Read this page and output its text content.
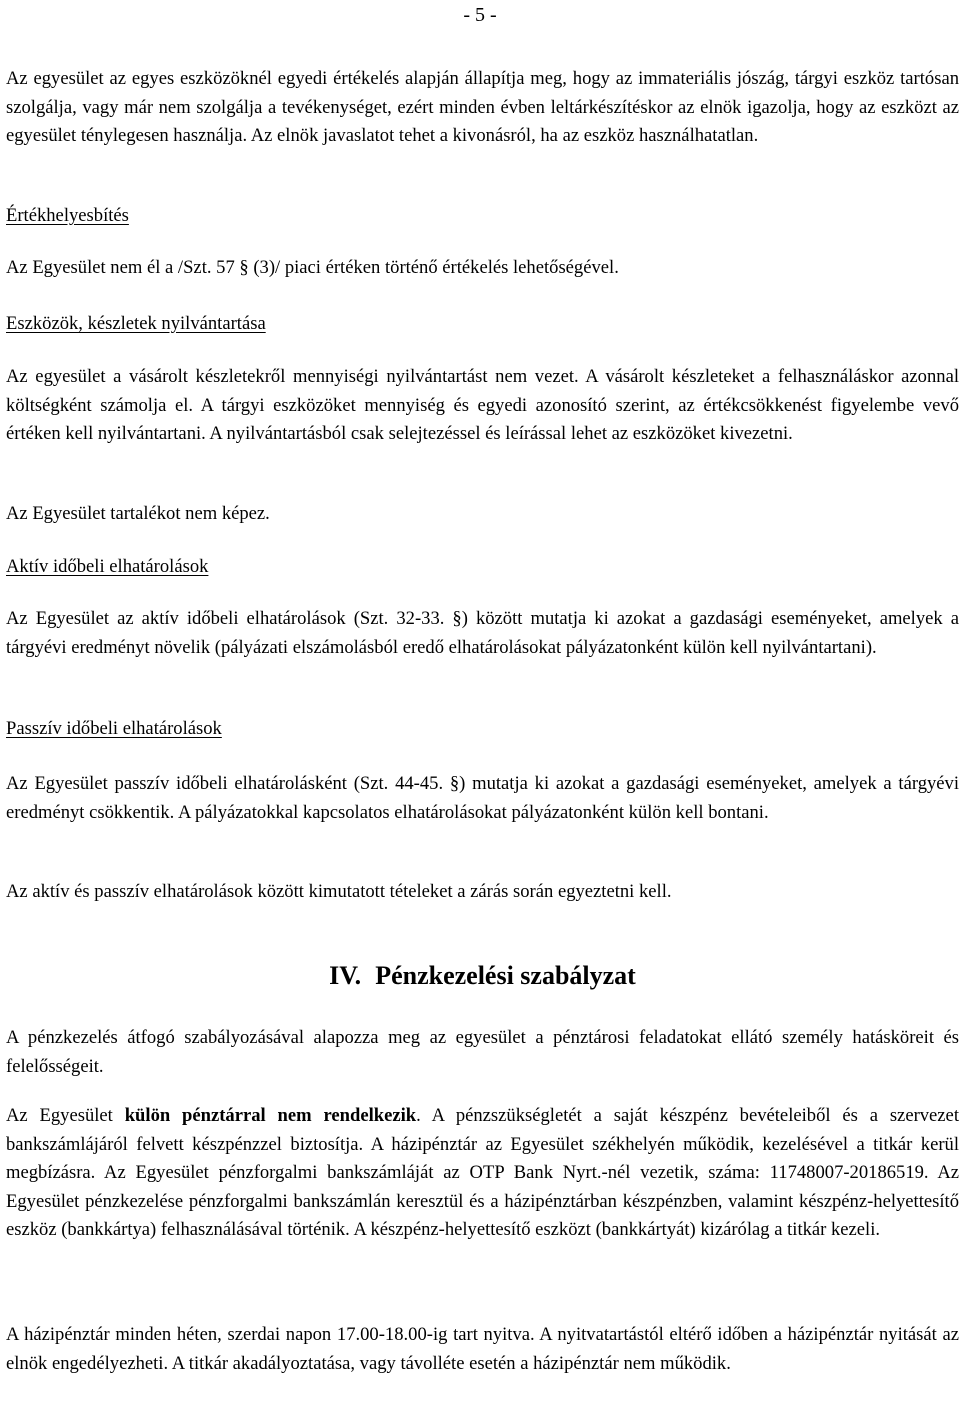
- 5 -

Az egyesület az egyes eszközöknél egyedi értékelés alapján állapítja meg, hogy az immateriális jószág, tárgyi eszköz tartósan szolgálja, vagy már nem szolgálja a tevékenységet, ezért minden évben leltárkészítéskor az elnök igazolja, hogy az eszközt az egyesület ténylegesen használja. Az elnök javaslatot tehet a kivonásról, ha az eszköz használhatatlan.

Értékhelyesbítés

Az Egyesület nem él a /Szt. 57 § (3)/ piaci értéken történő értékelés lehetőségével.

Eszközök, készletek nyilvántartása

Az egyesület a vásárolt készletekről mennyiségi nyilvántartást nem vezet. A vásárolt készleteket a felhasználáskor azonnal költségként számolja el. A tárgyi eszközöket mennyiség és egyedi azonosító szerint, az értékcsökkenést figyelembe vevő értéken kell nyilvántartani. A nyilvántartásból csak selejtezéssel és leírással lehet az eszközöket kivezetni.

Az Egyesület tartalékot nem képez.

Aktív időbeli elhatárolások

Az Egyesület az aktív időbeli elhatárolások (Szt. 32-33. §) között mutatja ki azokat a gazdasági eseményeket, amelyek a tárgyévi eredményt növelik (pályázati elszámolásból eredő elhatárolásokat pályázatonként külön kell nyilvántartani).

Passzív időbeli elhatárolások

Az Egyesület passzív időbeli elhatárolásként (Szt. 44-45. §) mutatja ki azokat a gazdasági eseményeket, amelyek a tárgyévi eredményt csökkentik. A pályázatokkal kapcsolatos elhatárolásokat pályázatonként külön kell bontani.

Az aktív és passzív elhatárolások között kimutatott tételeket a zárás során egyeztetni kell.

IV. Pénzkezelési szabályzat

A pénzkezelés átfogó szabályozásával alapozza meg az egyesület a pénztárosi feladatokat ellátó személy hatásköreit és felelősségeit.

Az Egyesület külön pénztárral nem rendelkezik. A pénzszükségletét a saját készpénz bevételeiből és a szervezet bankszámlájáról felvett készpénzzel biztosítja. A házipénztár az Egyesület székhelyén működik, kezelésével a titkár kerül megbízásra. Az Egyesület pénzforgalmi bankszámláját az OTP Bank Nyrt.-nél vezetik, száma: 11748007-20186519. Az Egyesület pénzkezelése pénzforgalmi bankszámlán keresztül és a házipénztárban készpénzben, valamint készpénz-helyettesítő eszköz (bankkártya) felhasználásával történik. A készpénz-helyettesítő eszközt (bankkártyát) kizárólag a titkár kezeli.

A házipénztár minden héten, szerdai napon 17.00-18.00-ig tart nyitva. A nyitvatartástól eltérő időben a házipénztár nyitását az elnök engedélyezheti. A titkár akadályoztatása, vagy távolléte esetén a házipénztár nem működik.
